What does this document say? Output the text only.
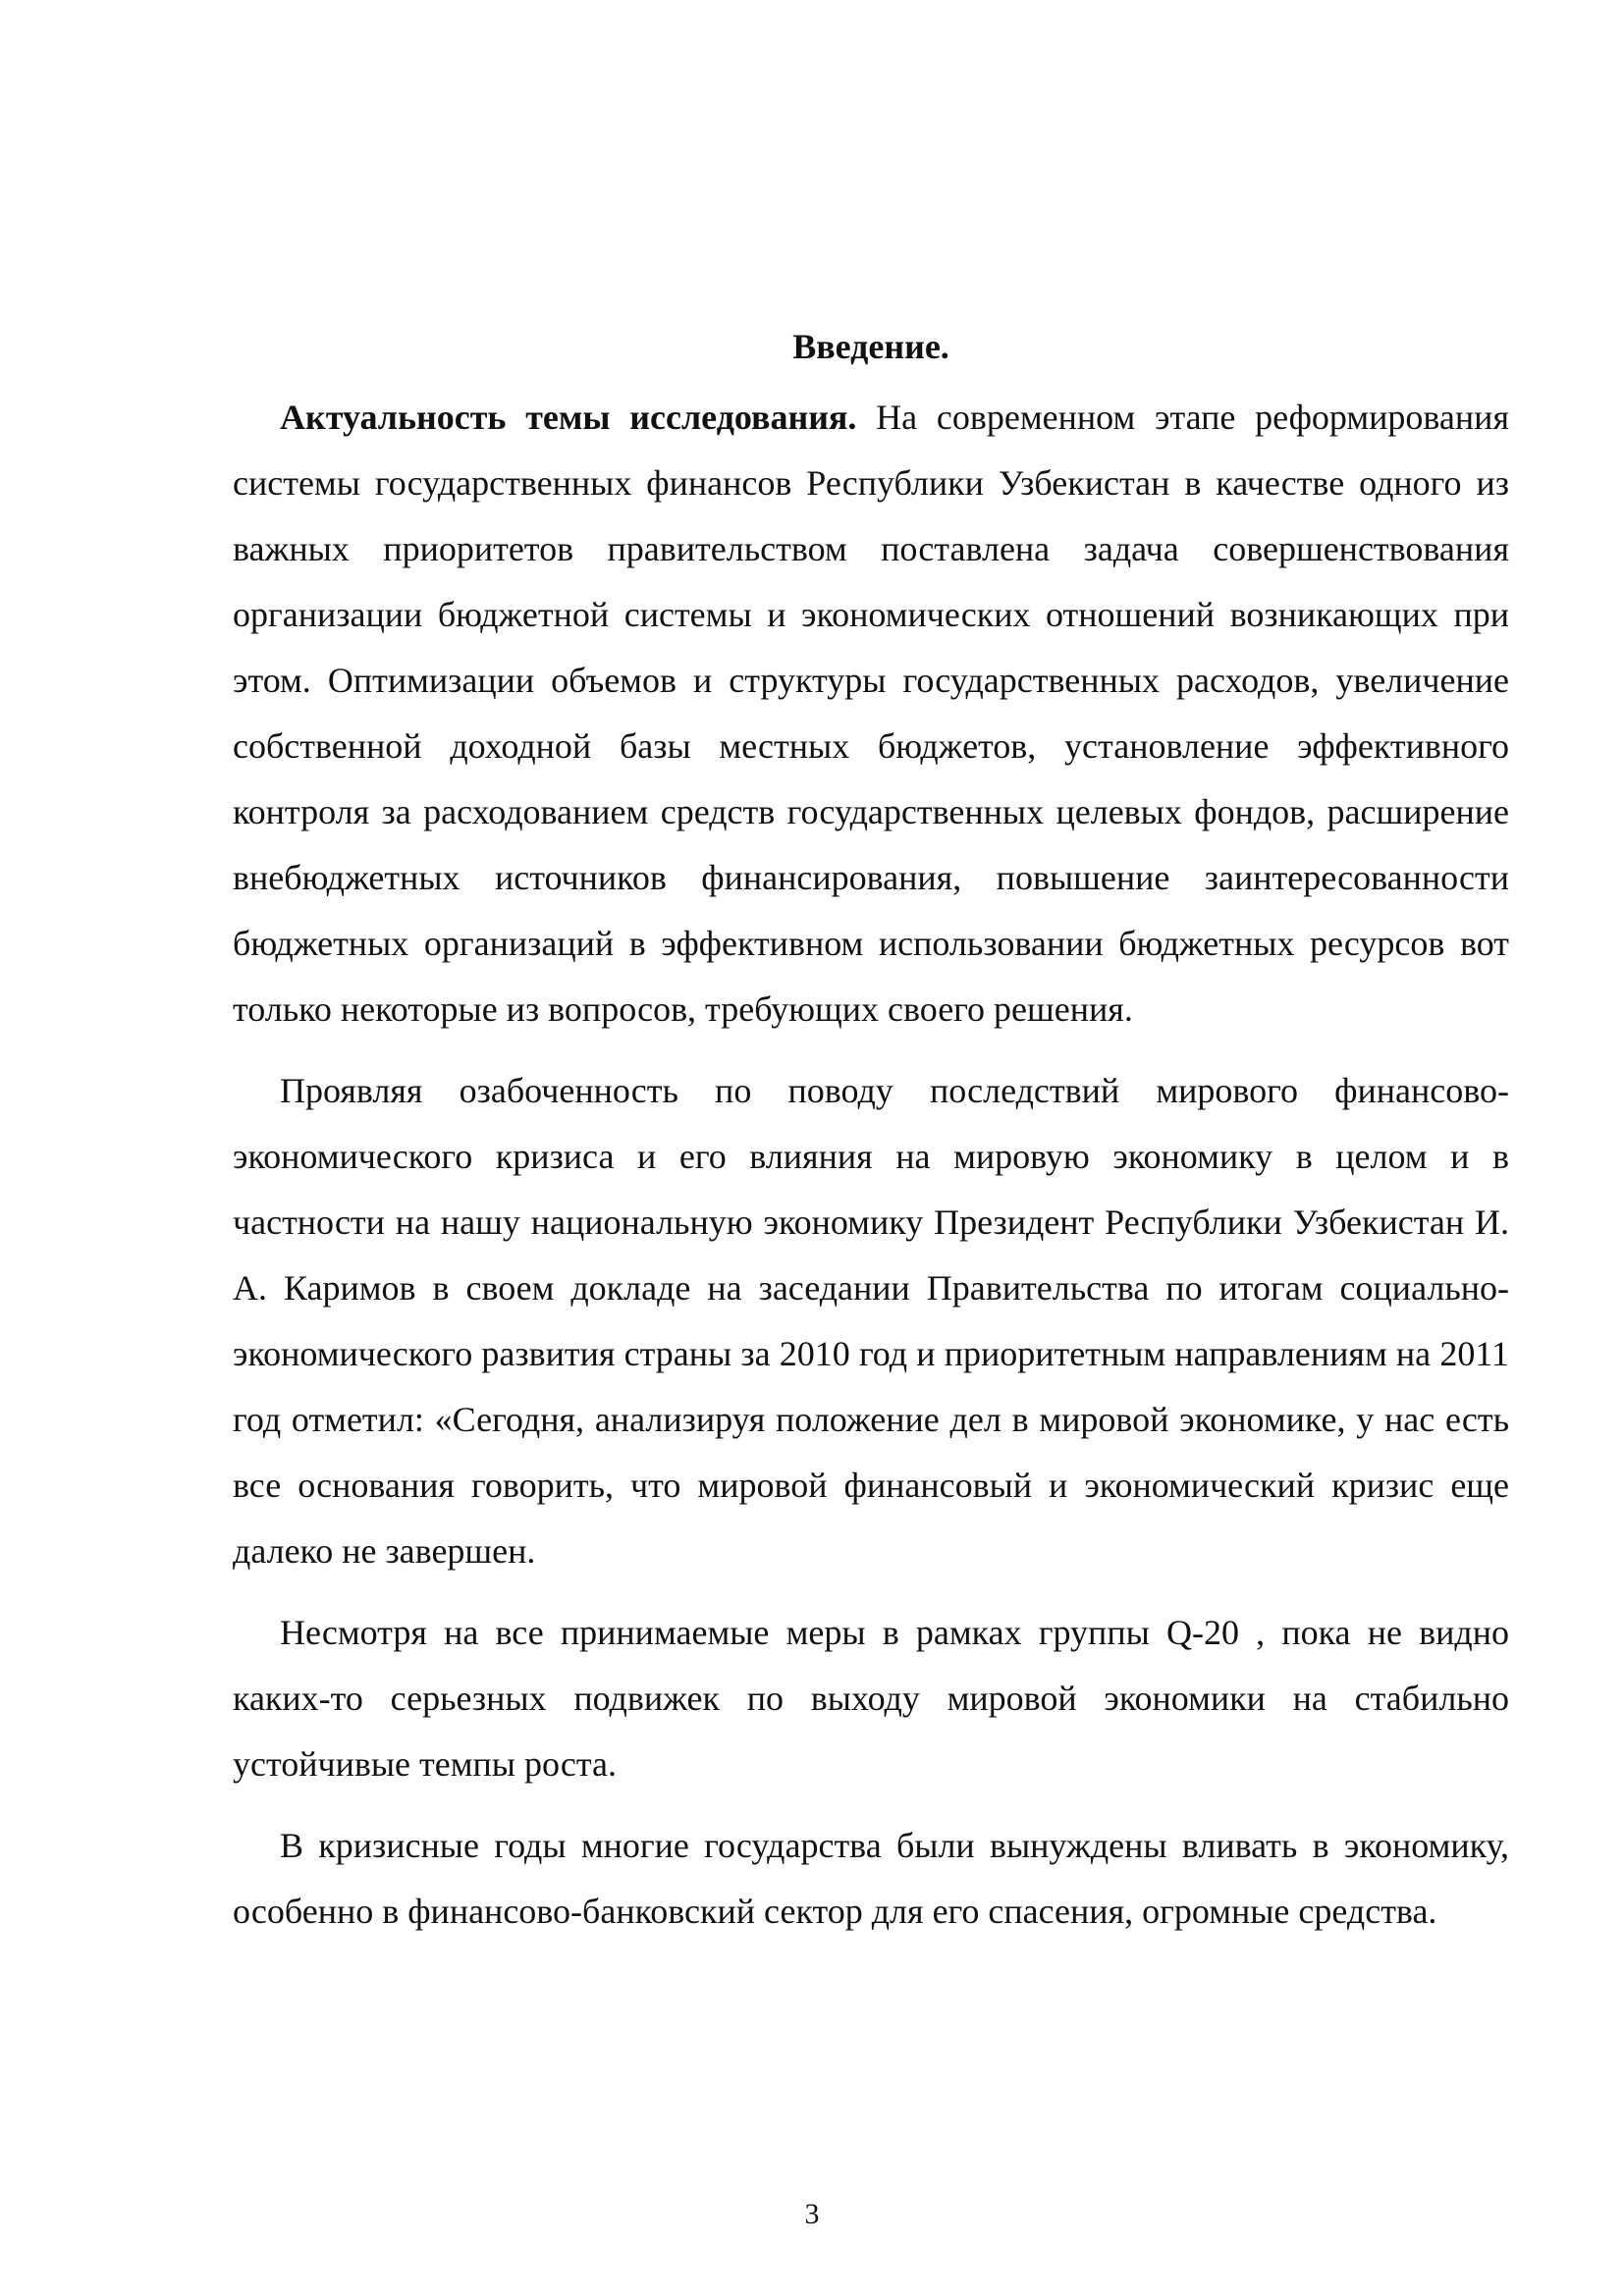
Введение.

Актуальность темы исследования. На современном этапе реформирования системы государственных финансов Республики Узбекистан в качестве одного из важных приоритетов правительством поставлена задача совершенствования организации бюджетной системы и экономических отношений возникающих при этом. Оптимизации объемов и структуры государственных расходов, увеличение собственной доходной базы местных бюджетов, установление эффективного контроля за расходованием средств государственных целевых фондов, расширение внебюджетных источников финансирования, повышение заинтересованности бюджетных организаций в эффективном использовании бюджетных ресурсов вот только некоторые из вопросов, требующих своего решения.

Проявляя озабоченность по поводу последствий мирового финансово-экономического кризиса и его влияния на мировую экономику в целом и в частности на нашу национальную экономику Президент Республики Узбекистан И. А. Каримов в своем докладе на заседании Правительства по итогам социально- экономического развития страны за 2010 год и приоритетным направлениям на 2011 год отметил: «Сегодня, анализируя положение дел в мировой экономике, у нас есть все основания говорить, что мировой финансовый и экономический кризис еще далеко не завершен.

Несмотря на все принимаемые меры в рамках группы Q-20 , пока не видно каких-то серьезных подвижек по выходу мировой экономики на стабильно устойчивые темпы роста.

В кризисные годы многие государства были вынуждены вливать в экономику, особенно в финансово-банковский сектор для его спасения, огромные средства.

3
